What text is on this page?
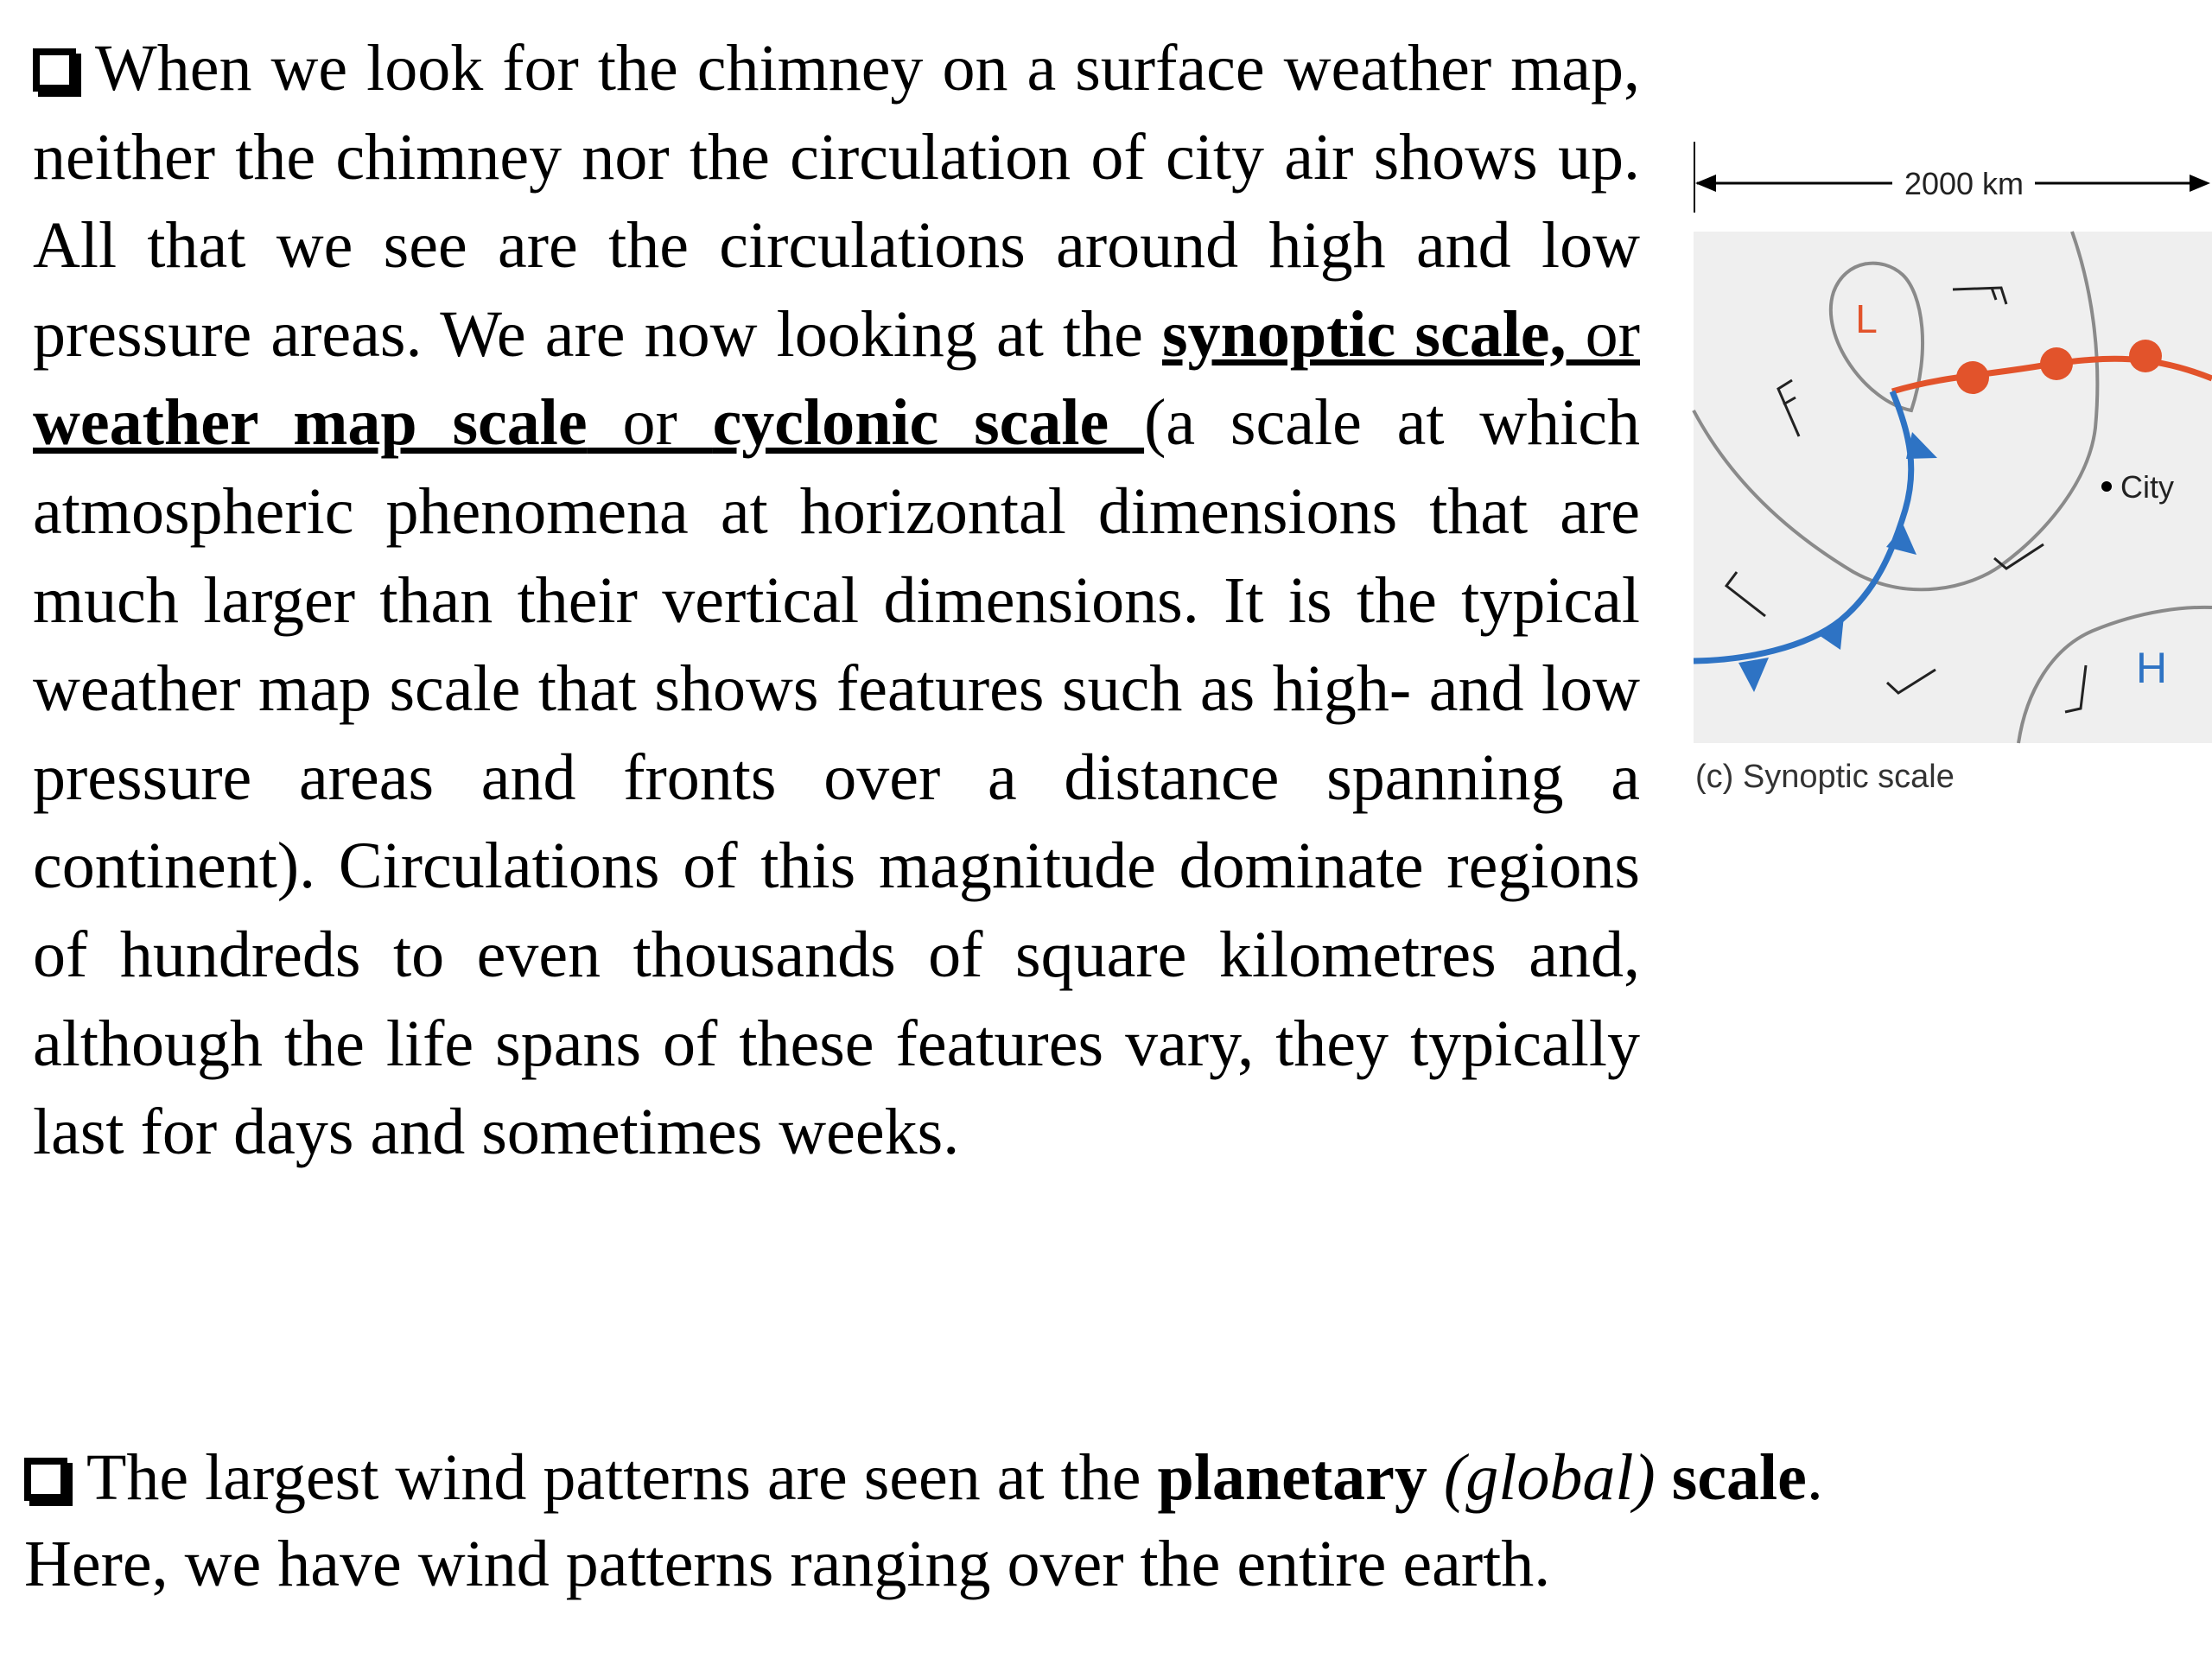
When we look for the chimney on a surface weather map, neither the chimney nor the circulation of city air shows up. All that we see are the circulations around high and low pressure areas. We are now looking at the synoptic scale, or weather map scale or cyclonic scale (a scale at which atmospheric phenomena at horizontal dimensions that are much larger than their vertical dimensions. It is the typical weather map scale that shows features such as high- and low pressure areas and fronts over a distance spanning a continent). Circulations of this magnitude dominate regions of hundreds to even thousands of square kilometres and, although the life spans of these features vary, they typically last for days and sometimes weeks.
2000 km
L
H
City
(c) Synoptic scale
The largest wind patterns are seen at the planetary (global) scale.
Here, we have wind patterns ranging over the entire earth.
